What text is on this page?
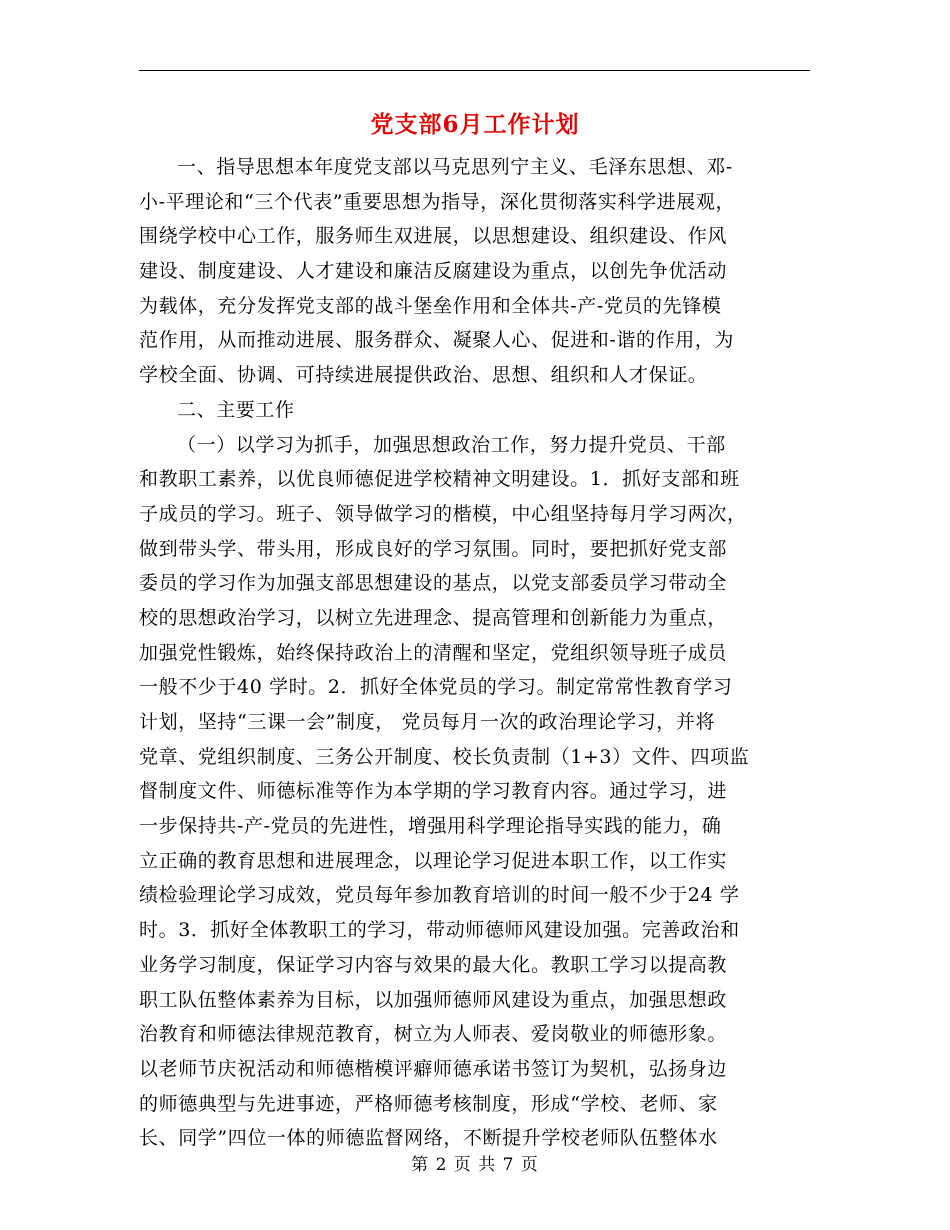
党支部6月工作计划
一、指导思想本年度党支部以马克思列宁主义、毛泽东思想、邓-
小-平理论和“三个代表”重要思想为指导，深化贯彻落实科学进展观，
围绕学校中心工作，服务师生双进展，以思想建设、组织建设、作风
建设、制度建设、人才建设和廉洁反腐建设为重点，以创先争优活动
为载体，充分发挥党支部的战斗堡垒作用和全体共-产-党员的先锋模
范作用，从而推动进展、服务群众、凝聚人心、促进和-谐的作用，为
学校全面、协调、可持续进展提供政治、思想、组织和人才保证。
二、主要工作
（一）以学习为抓手，加强思想政治工作，努力提升党员、干部
和教职工素养，以优良师德促进学校精神文明建设。1．抓好支部和班
子成员的学习。班子、领导做学习的楷模，中心组坚持每月学习两次，
做到带头学、带头用，形成良好的学习氛围。同时，要把抓好党支部
委员的学习作为加强支部思想建设的基点，以党支部委员学习带动全
校的思想政治学习，以树立先进理念、提高管理和创新能力为重点，
加强党性锻炼，始终保持政治上的清醒和坚定，党组织领导班子成员
一般不少于40 学时。2．抓好全体党员的学习。制定常常性教育学习
计划，坚持“三课一会”制度， 党员每月一次的政治理论学习，并将
党章、党组织制度、三务公开制度、校长负责制（1+3）文件、四项监
督制度文件、师德标准等作为本学期的学习教育内容。通过学习，进
一步保持共-产-党员的先进性，增强用科学理论指导实践的能力，确
立正确的教育思想和进展理念，以理论学习促进本职工作，以工作实
绩检验理论学习成效，党员每年参加教育培训的时间一般不少于24 学
时。3．抓好全体教职工的学习，带动师德师风建设加强。完善政治和
业务学习制度，保证学习内容与效果的最大化。教职工学习以提高教
职工队伍整体素养为目标，以加强师德师风建设为重点，加强思想政
治教育和师德法律规范教育，树立为人师表、爱岗敬业的师德形象。
以老师节庆祝活动和师德楷模评癖师德承诺书签订为契机，弘扬身边
的师德典型与先进事迹，严格师德考核制度，形成“学校、老师、家
长、同学”四位一体的师德监督网络，不断提升学校老师队伍整体水
第 2 页 共 7 页
